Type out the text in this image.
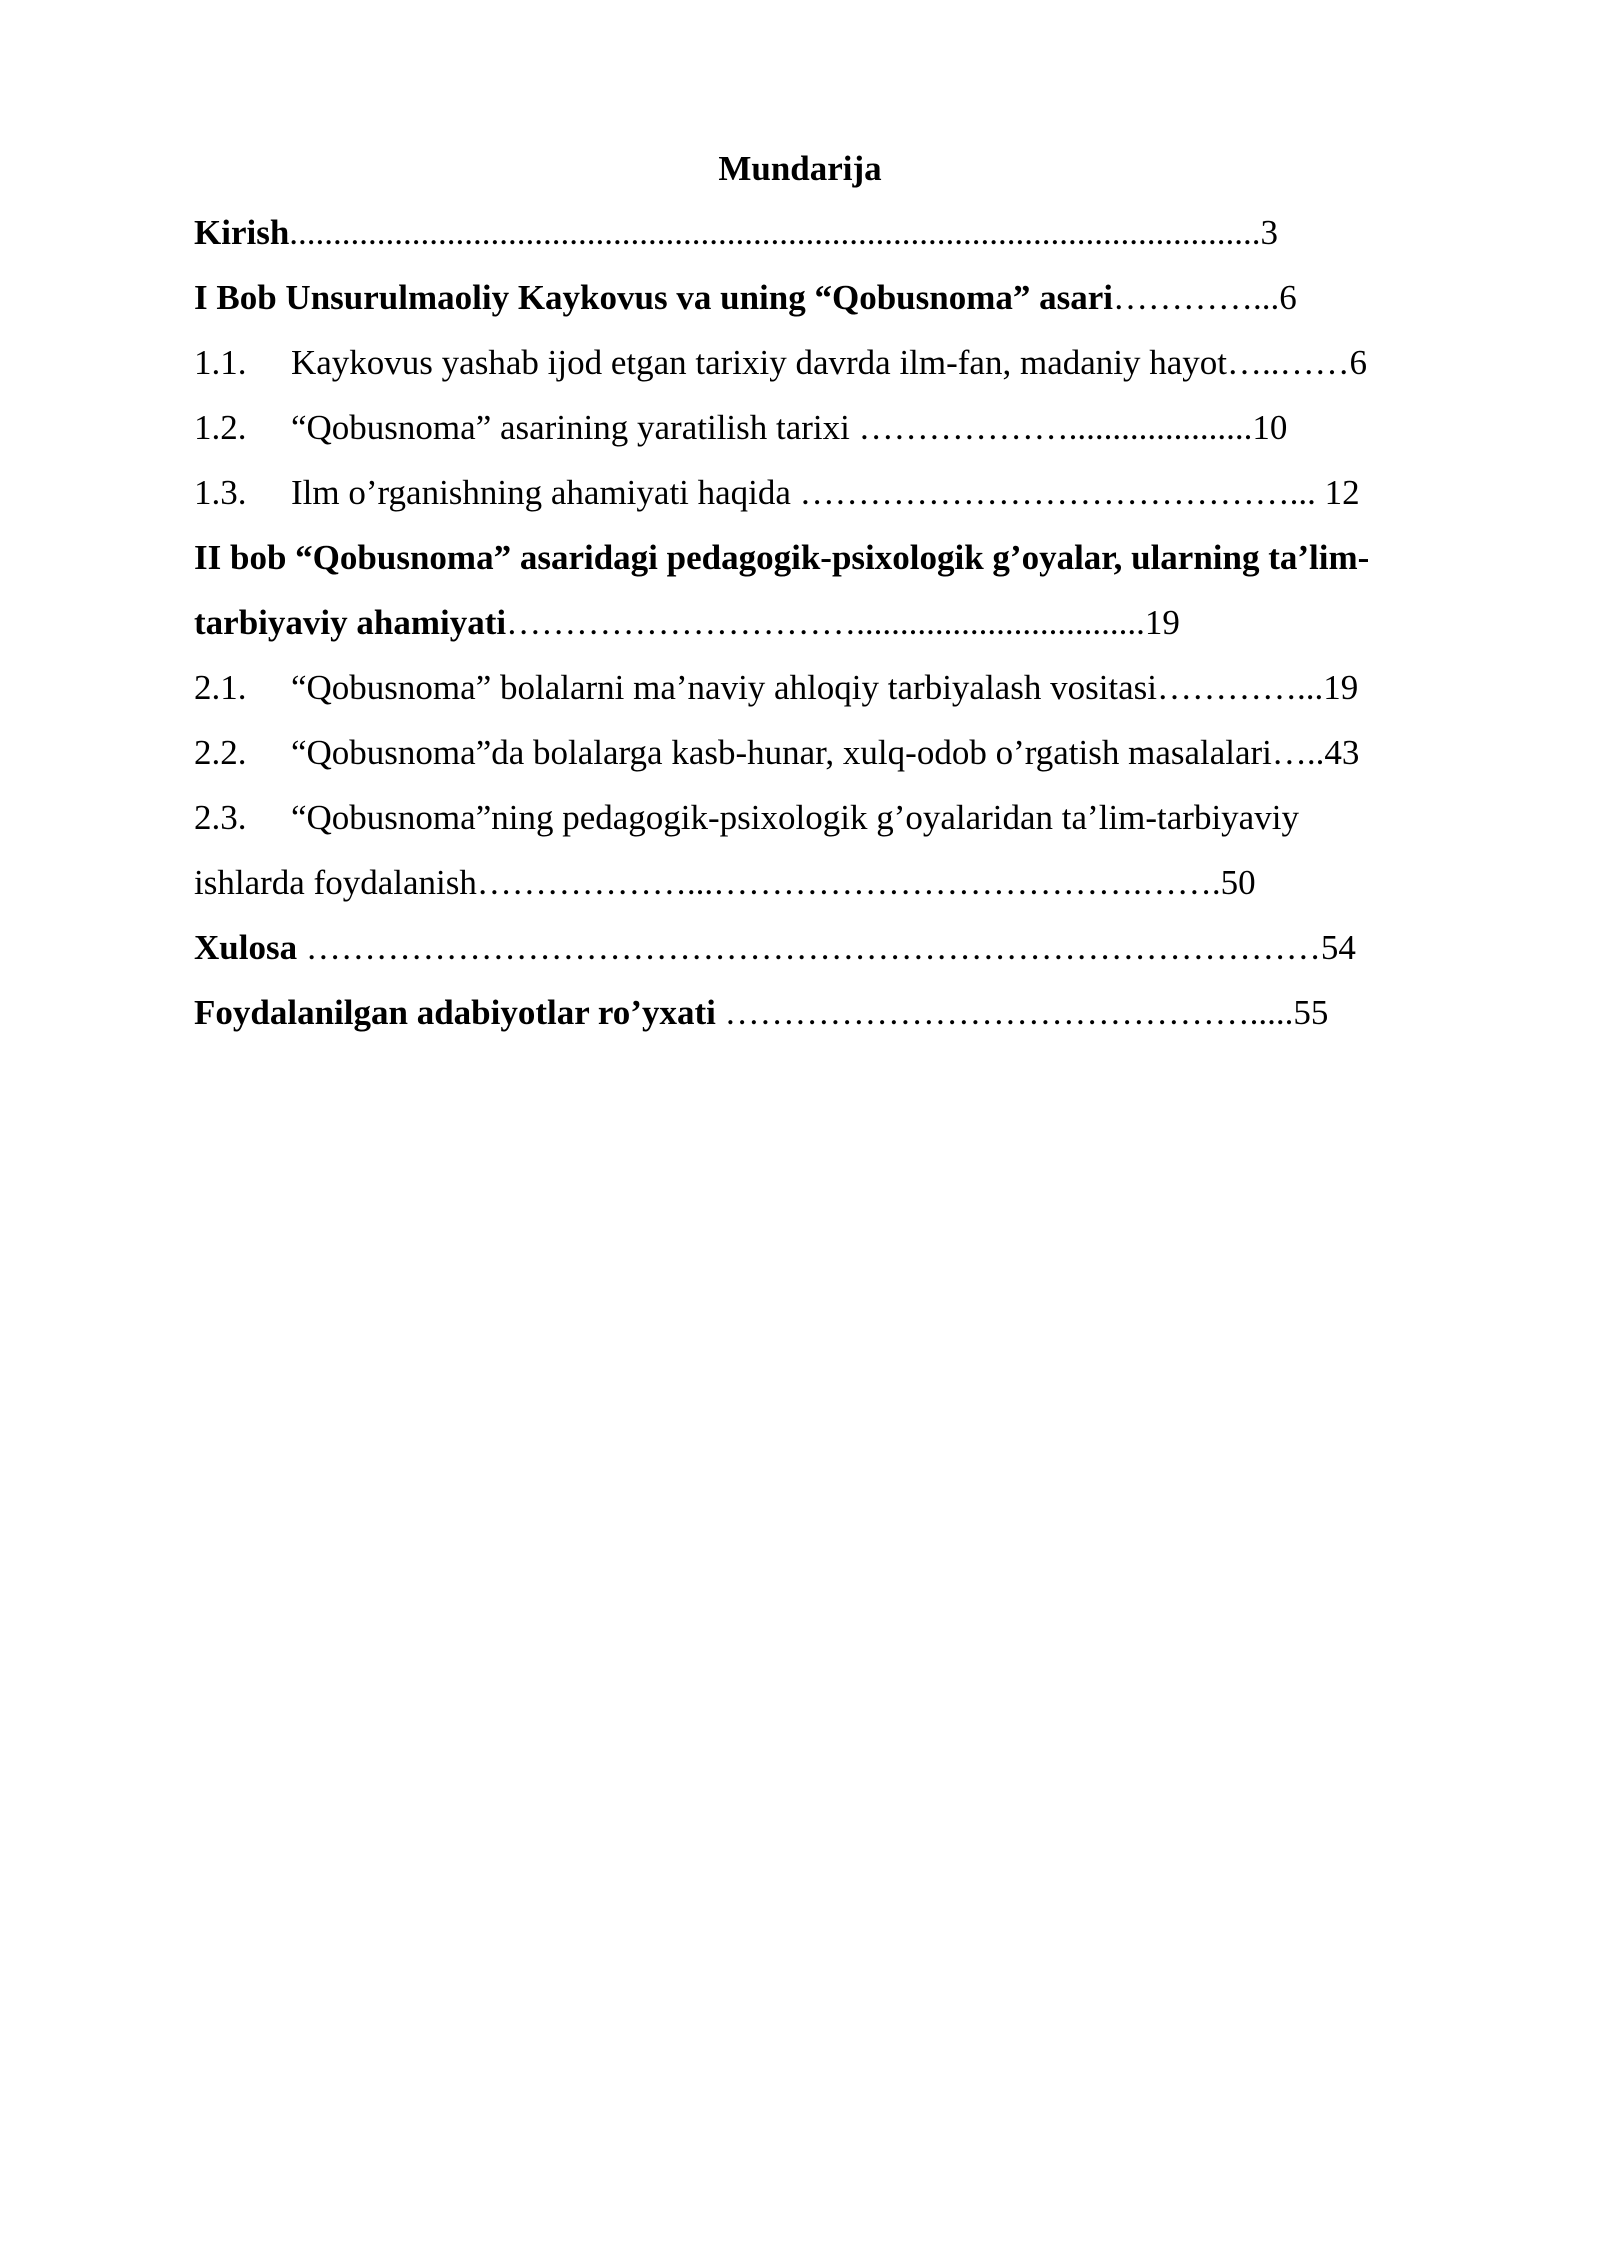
Mundarija

Kirish...............................................................................................................3

I Bob Unsurulmaoliy Kaykovus va uning “Qobusnoma” asari…………...6

1.1. Kaykovus yashab ijod etgan tarixiy davrda ilm-fan, madaniy hayot…..……6

1.2. “Qobusnoma” asarining yaratilish tarixi ……………….....................10

1.3. Ilm o’rganishning ahamiyati haqida ……………………………………... 12

II bob “Qobusnoma” asaridagi pedagogik-psixologik g’oyalar, ularning ta’lim-

tarbiyaviy ahamiyati………………………….................................19

2.1. “Qobusnoma” bolalarni ma’naviy ahloqiy tarbiyalash vositasi…………...19

2.2. “Qobusnoma”da bolalarga kasb-hunar, xulq-odob o’rgatish masalalari…..43

2.3. “Qobusnoma”ning pedagogik-psixologik g’oyalaridan ta’lim-tarbiyaviy

ishlarda foydalanish………………...……………………………….…….50

Xulosa ……………………………………………………………………………54

Foydalanilgan adabiyotlar ro’yxati ……………………………………….....55
